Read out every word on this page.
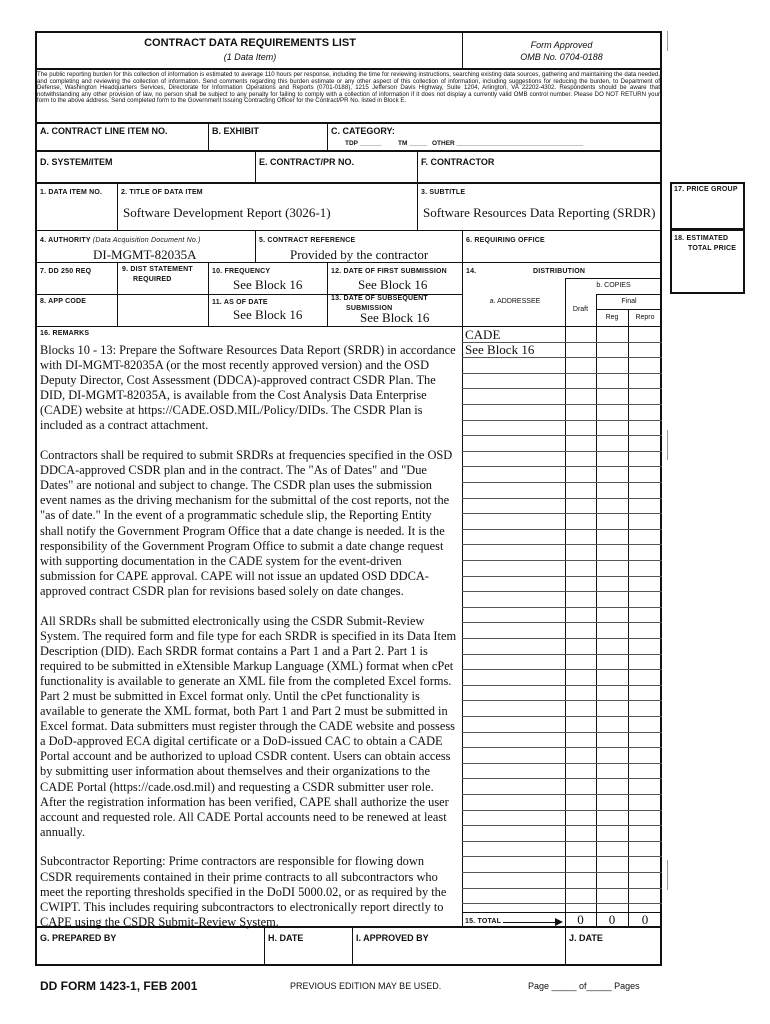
CONTRACT DATA REQUIREMENTS LIST
(1 Data Item)
Form Approved
OMB No. 0704-0188
The public reporting burden for this collection of information is estimated to average 110 hours per response, including the time for reviewing instructions, searching existing data sources, gathering and maintaining the data needed, and completing and reviewing the collection of information. Send comments regarding this burden estimate or any other aspect of this collection of information, including suggestions for reducing the burden, to Department of Defense, Washington Headquarters Services, Directorate for Information Operations and Reports (0701-0188), 1215 Jefferson Davis Highway, Suite 1204, Arlington, VA 22202-4302. Respondents should be aware that notwithstanding any other provision of law, no person shall be subject to any penalty for failing to comply with a collection of information if it does not display a currently valid OMB control number. Please DO NOT RETURN your form to the above address. Send completed form to the Government Issuing Contracting Officer for the Contract/PR No. listed in Block E.
A. CONTRACT LINE ITEM NO.	B. EXHIBIT	C. CATEGORY:
TDP ______	TM _____ OTHER ___________________________________
D. SYSTEM/ITEM	E. CONTRACT/PR NO.	F. CONTRACTOR
17. PRICE GROUP
18. ESTIMATED
TOTAL PRICE
1. DATA ITEM NO.	2. TITLE OF DATA ITEM
Software Development Report (3026-1)
3. SUBTITLE
Software Resources Data Reporting (SRDR)
4. AUTHORITY (Data Acquisition Document No.)
DI-MGMT-82035A
5. CONTRACT REFERENCE
Provided by the contractor
6. REQUIRING OFFICE
7. DD 250 REQ	9. DIST STATEMENT
REQUIRED
10. FREQUENCY
See Block 16
12. DATE OF FIRST SUBMISSION
See Block 16
14.	DISTRIBUTION
b. COPIES
8. APP CODE	11. AS OF DATE
See Block 16
13. DATE OF SUBSEQUENT
SUBMISSION
See Block 16
a. ADDRESSEE
Draft
Final
Reg	Repro
16. REMARKS

Blocks 10 - 13: Prepare the Software Resources Data Report (SRDR) in accordance with DI-MGMT-82035A (or the most recently approved version) and the OSD Deputy Director, Cost Assessment (DDCA)-approved contract CSDR Plan. The DID, DI-MGMT-82035A, is available from the Cost Analysis Data Enterprise (CADE) website at https://CADE.OSD.MIL/Policy/DIDs. The CSDR Plan is included as a contract attachment.

Contractors shall be required to submit SRDRs at frequencies specified in the OSD DDCA-approved CSDR plan and in the contract. The "As of Dates" and "Due Dates" are notional and subject to change. The CSDR plan uses the submission event names as the driving mechanism for the submittal of the cost reports, not the "as of date." In the event of a programmatic schedule slip, the Reporting Entity shall notify the Government Program Office that a date change is needed. It is the responsibility of the Government Program Office to submit a date change request with supporting documentation in the CADE system for the event-driven submission for CAPE approval. CAPE will not issue an updated OSD DDCA-approved contract CSDR plan for revisions based solely on date changes.

All SRDRs shall be submitted electronically using the CSDR Submit-Review System. The required form and file type for each SRDR is specified in its Data Item Description (DID). Each SRDR format contains a Part 1 and a Part 2. Part 1 is required to be submitted in eXtensible Markup Language (XML) format when cPet functionality is available to generate an XML file from the completed Excel forms. Part 2 must be submitted in Excel format only. Until the cPet functionality is available to generate the XML format, both Part 1 and Part 2 must be submitted in Excel format. Data submitters must register through the CADE website and possess a DoD-approved ECA digital certificate or a DoD-issued CAC to obtain a CADE Portal account and be authorized to upload CSDR content. Users can obtain access by submitting user information about themselves and their organizations to the CADE Portal (https://cade.osd.mil) and requesting a CSDR submitter user role. After the registration information has been verified, CAPE shall authorize the user account and requested role. All CADE Portal accounts need to be renewed at least annually.

Subcontractor Reporting: Prime contractors are responsible for flowing down CSDR requirements contained in their prime contracts to all subcontractors who meet the reporting thresholds specified in the DoDI 5000.02, or as required by the CWIPT. This includes requiring subcontractors to electronically report directly to CAPE using the CSDR Submit-Review System.

CADE
See Block 16
15. TOTAL	0	0	0
G. PREPARED BY	H. DATE	I. APPROVED BY	J. DATE
DD FORM 1423-1, FEB 2001	PREVIOUS EDITION MAY BE USED.	Page _____ of_____ Pages
